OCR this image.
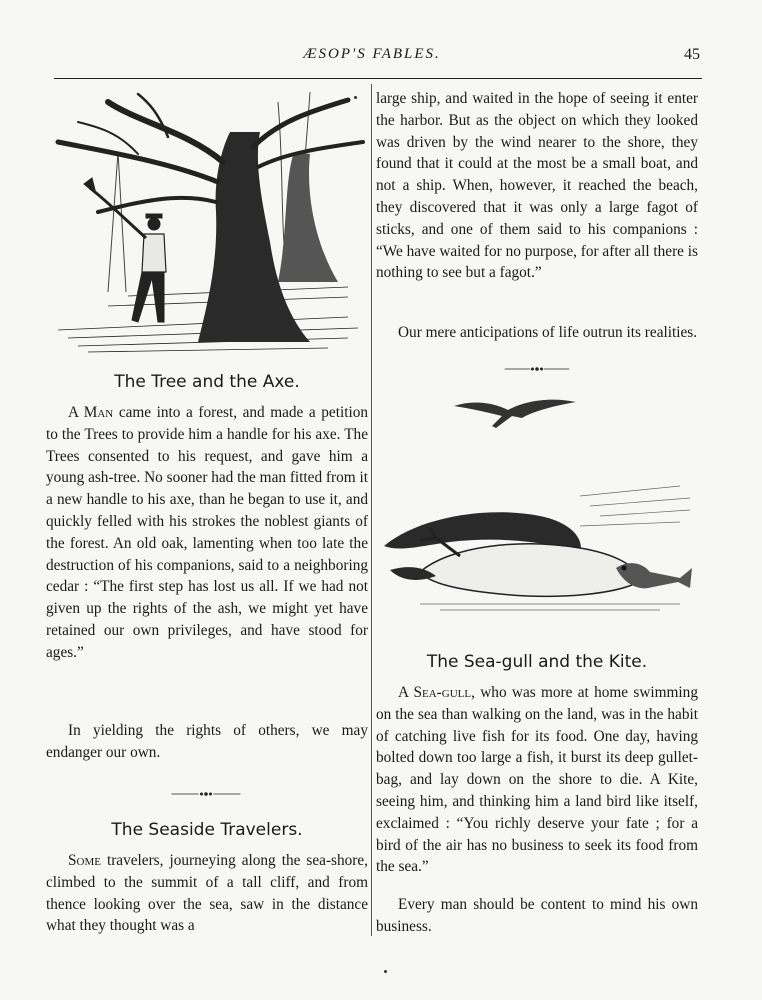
ÆSOP'S FABLES.	45
The Tree and the Axe.

A Man came into a forest, and made a petition to the Trees to provide him a handle for his axe. The Trees consented to his request, and gave him a young ash-tree. No sooner had the man fitted from it a new handle to his axe, than he began to use it, and quickly felled with his strokes the noblest giants of the forest. An old oak, lamenting when too late the destruction of his companions, said to a neighboring cedar : “The first step has lost us all. If we had not given up the rights of the ash, we might yet have retained our own privileges, and have stood for ages.”

In yielding the rights of others, we may endanger our own.

The Seaside Travelers.

Some travelers, journeying along the sea-shore, climbed to the summit of a tall cliff, and from thence looking over the sea, saw in the distance what they thought was a

large ship, and waited in the hope of seeing it enter the harbor. But as the object on which they looked was driven by the wind nearer to the shore, they found that it could at the most be a small boat, and not a ship. When, however, it reached the beach, they discovered that it was only a large fagot of sticks, and one of them said to his companions : “We have waited for no purpose, for after all there is nothing to see but a fagot.”

Our mere anticipations of life outrun its realities.

The Sea-gull and the Kite.

A Sea-gull, who was more at home swimming on the sea than walking on the land, was in the habit of catching live fish for its food. One day, having bolted down too large a fish, it burst its deep gullet-bag, and lay down on the shore to die. A Kite, seeing him, and thinking him a land bird like itself, exclaimed : “You richly deserve your fate ; for a bird of the air has no business to seek its food from the sea.”

Every man should be content to mind his own business.
